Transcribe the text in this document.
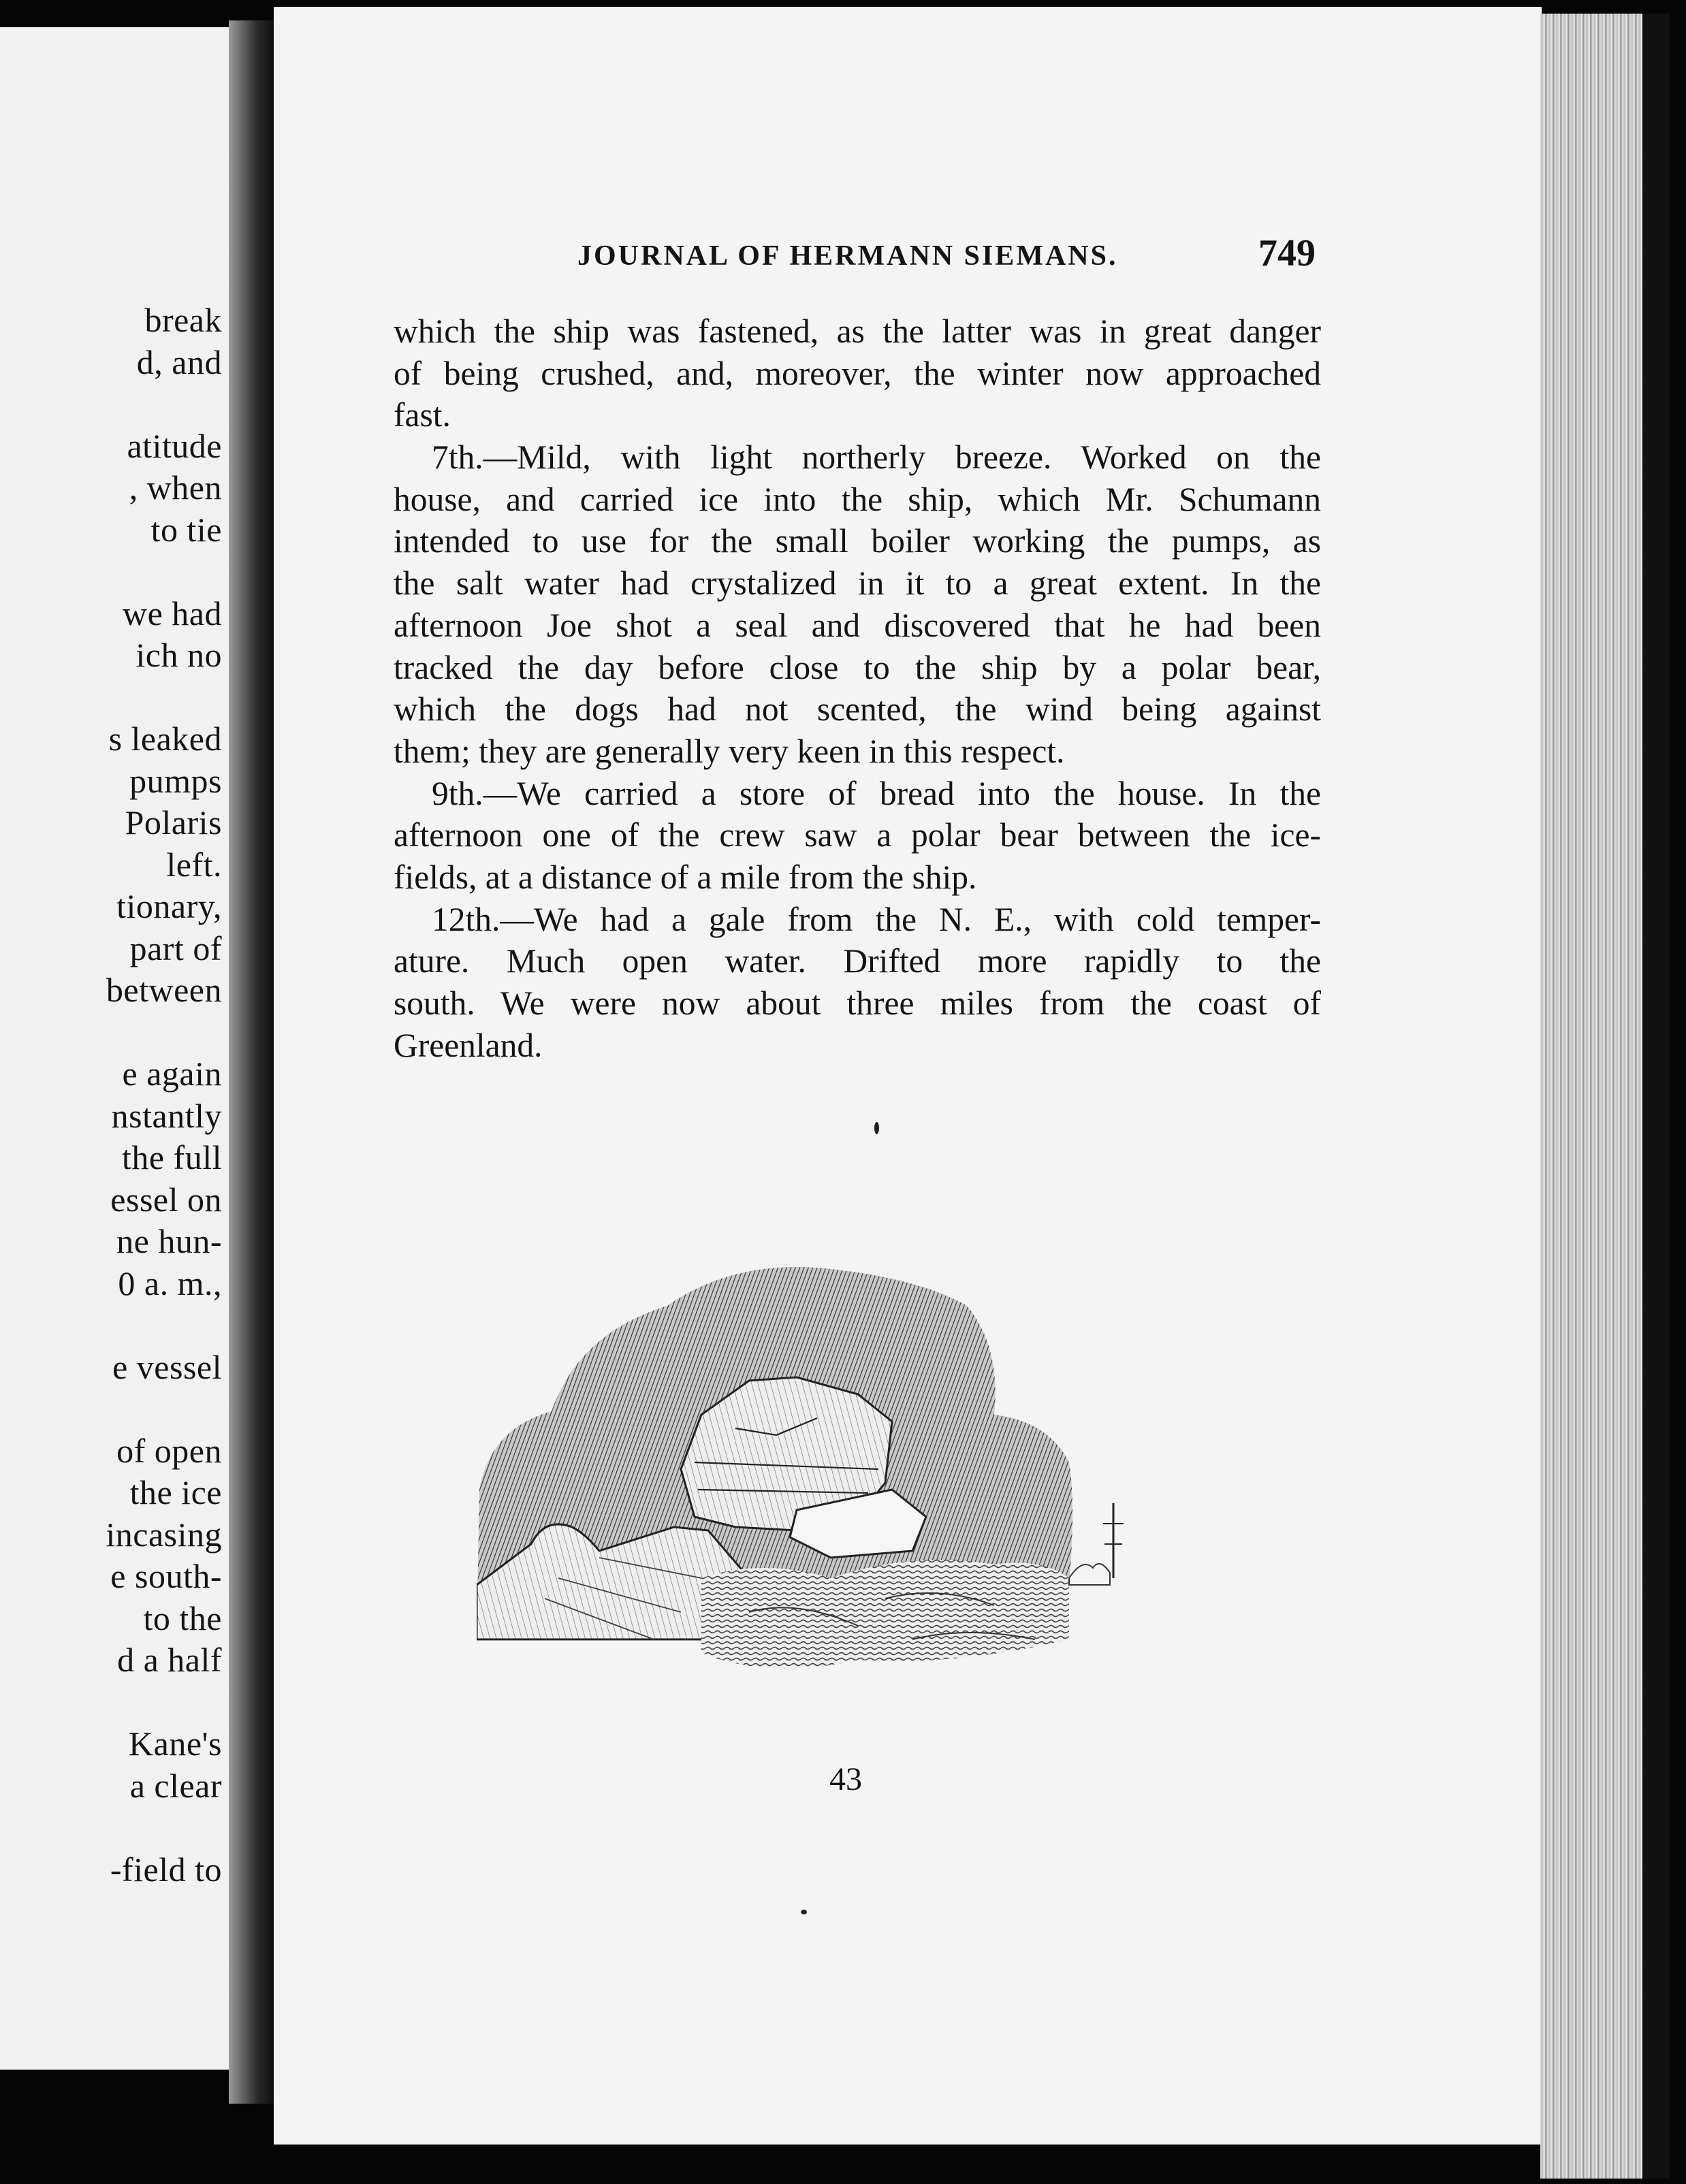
break
d, and
atitude
, when
to tie
we had
ich no
s leaked
pumps
Polaris
left.
tionary,
part of
between
e again
nstantly
the full
essel on
ne hun-
0 a. m.,
e vessel
of open
the ice
incasing
e south-
to the
d a half
Kane's
a clear
-field to
JOURNAL OF HERMANN SIEMANS.	749
which the ship was fastened, as the latter was in great danger
of being crushed, and, moreover, the winter now approached
fast.
7th.—Mild, with light northerly breeze. Worked on the
house, and carried ice into the ship, which Mr. Schumann
intended to use for the small boiler working the pumps, as
the salt water had crystalized in it to a great extent. In the
afternoon Joe shot a seal and discovered that he had been
tracked the day before close to the ship by a polar bear,
which the dogs had not scented, the wind being against
them; they are generally very keen in this respect.
9th.—We carried a store of bread into the house. In the
afternoon one of the crew saw a polar bear between the ice-
fields, at a distance of a mile from the ship.
12th.—We had a gale from the N. E., with cold temper-
ature. Much open water. Drifted more rapidly to the
south. We were now about three miles from the coast of
Greenland.
43
